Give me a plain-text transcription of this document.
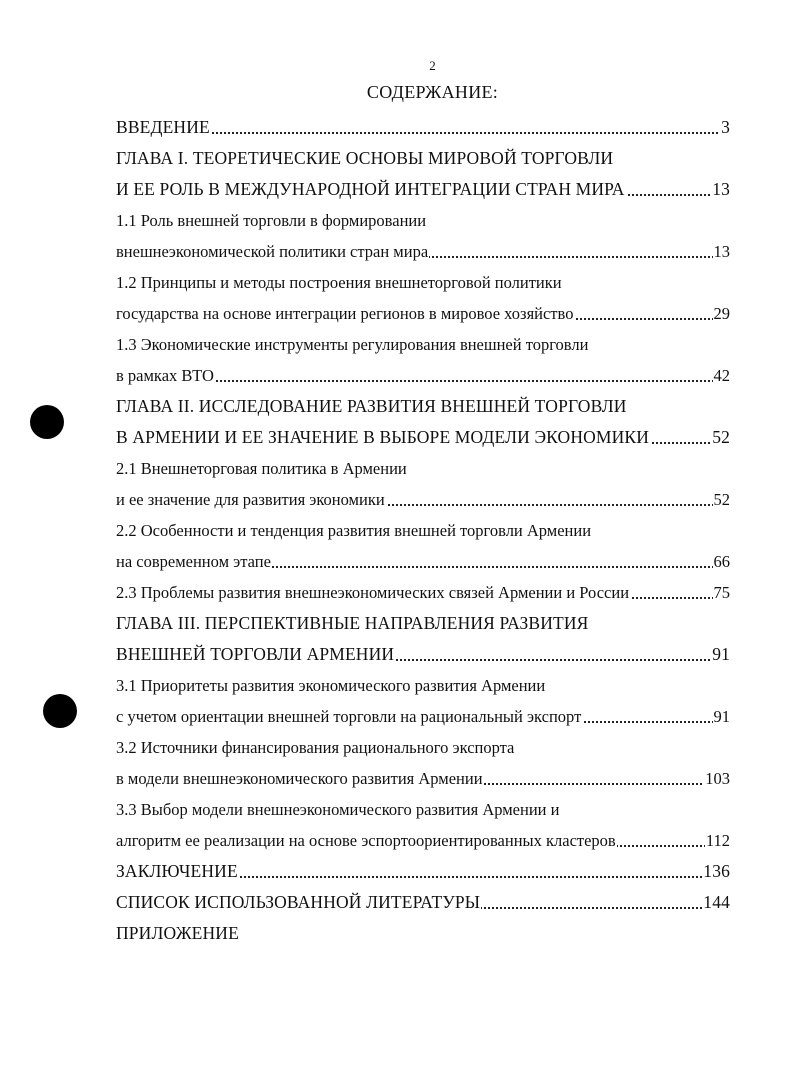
2
СОДЕРЖАНИЕ:
ВВЕДЕНИЕ	3
ГЛАВА I. ТЕОРЕТИЧЕСКИЕ ОСНОВЫ МИРОВОЙ ТОРГОВЛИ
И ЕЕ РОЛЬ В МЕЖДУНАРОДНОЙ ИНТЕГРАЦИИ СТРАН МИРА	13
1.1 Роль внешней торговли в формировании
внешнеэкономической политики стран мира	13
1.2 Принципы и методы построения внешнеторговой политики
государства на основе интеграции регионов в мировое хозяйство	29
1.3 Экономические инструменты регулирования внешней торговли
в рамках ВТО	42
ГЛАВА II. ИССЛЕДОВАНИЕ РАЗВИТИЯ ВНЕШНЕЙ ТОРГОВЛИ
В АРМЕНИИ И ЕЕ ЗНАЧЕНИЕ В ВЫБОРЕ МОДЕЛИ ЭКОНОМИКИ	52
2.1 Внешнеторговая политика в Армении
и ее значение для развития экономики	52
2.2 Особенности и тенденция развития внешней торговли Армении
на современном этапе	66
2.3 Проблемы развития внешнеэкономических связей Армении и России	75
ГЛАВА III. ПЕРСПЕКТИВНЫЕ НАПРАВЛЕНИЯ РАЗВИТИЯ
ВНЕШНЕЙ ТОРГОВЛИ АРМЕНИИ	91
3.1 Приоритеты развития экономического развития Армении
с учетом ориентации внешней торговли на рациональный экспорт	91
3.2 Источники финансирования рационального экспорта
в модели внешнеэкономического развития Армении	103
3.3 Выбор модели внешнеэкономического развития Армении и
алгоритм ее реализации на основе эспортоориентированных кластеров	112
ЗАКЛЮЧЕНИЕ	136
СПИСОК ИСПОЛЬЗОВАННОЙ ЛИТЕРАТУРЫ	144
ПРИЛОЖЕНИЕ
